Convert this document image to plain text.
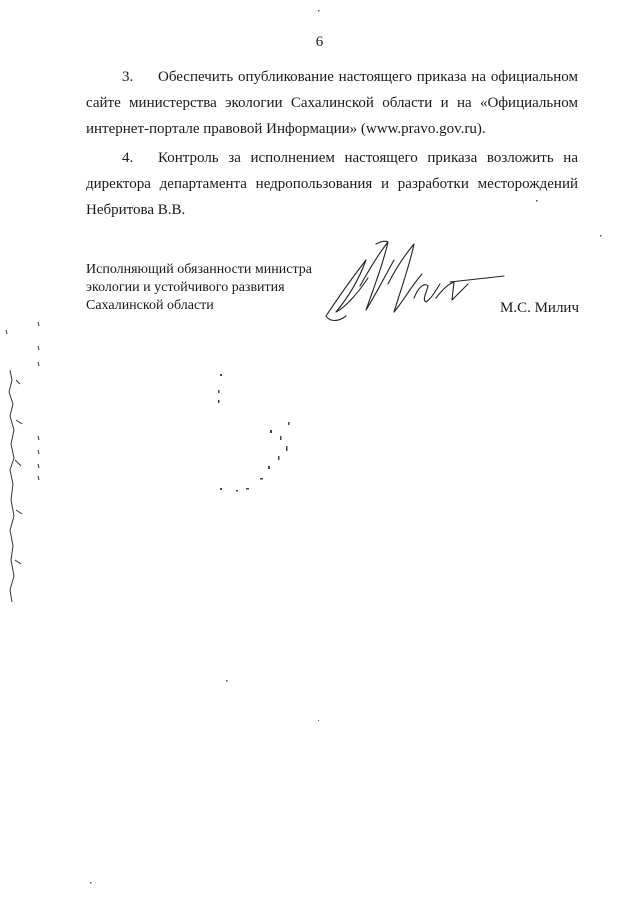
6
3. Обеспечить опубликование настоящего приказа на официальном сайте министерства экологии Сахалинской области и на «Официальном интернет-портале правовой Информации» (www.pravo.gov.ru).
4. Контроль за исполнением настоящего приказа возложить на директора департамента недропользования и разработки месторождений Небритова В.В.
Исполняющий обязанности министра
экологии и устойчивого развития
Сахалинской области	М.С. Милич
